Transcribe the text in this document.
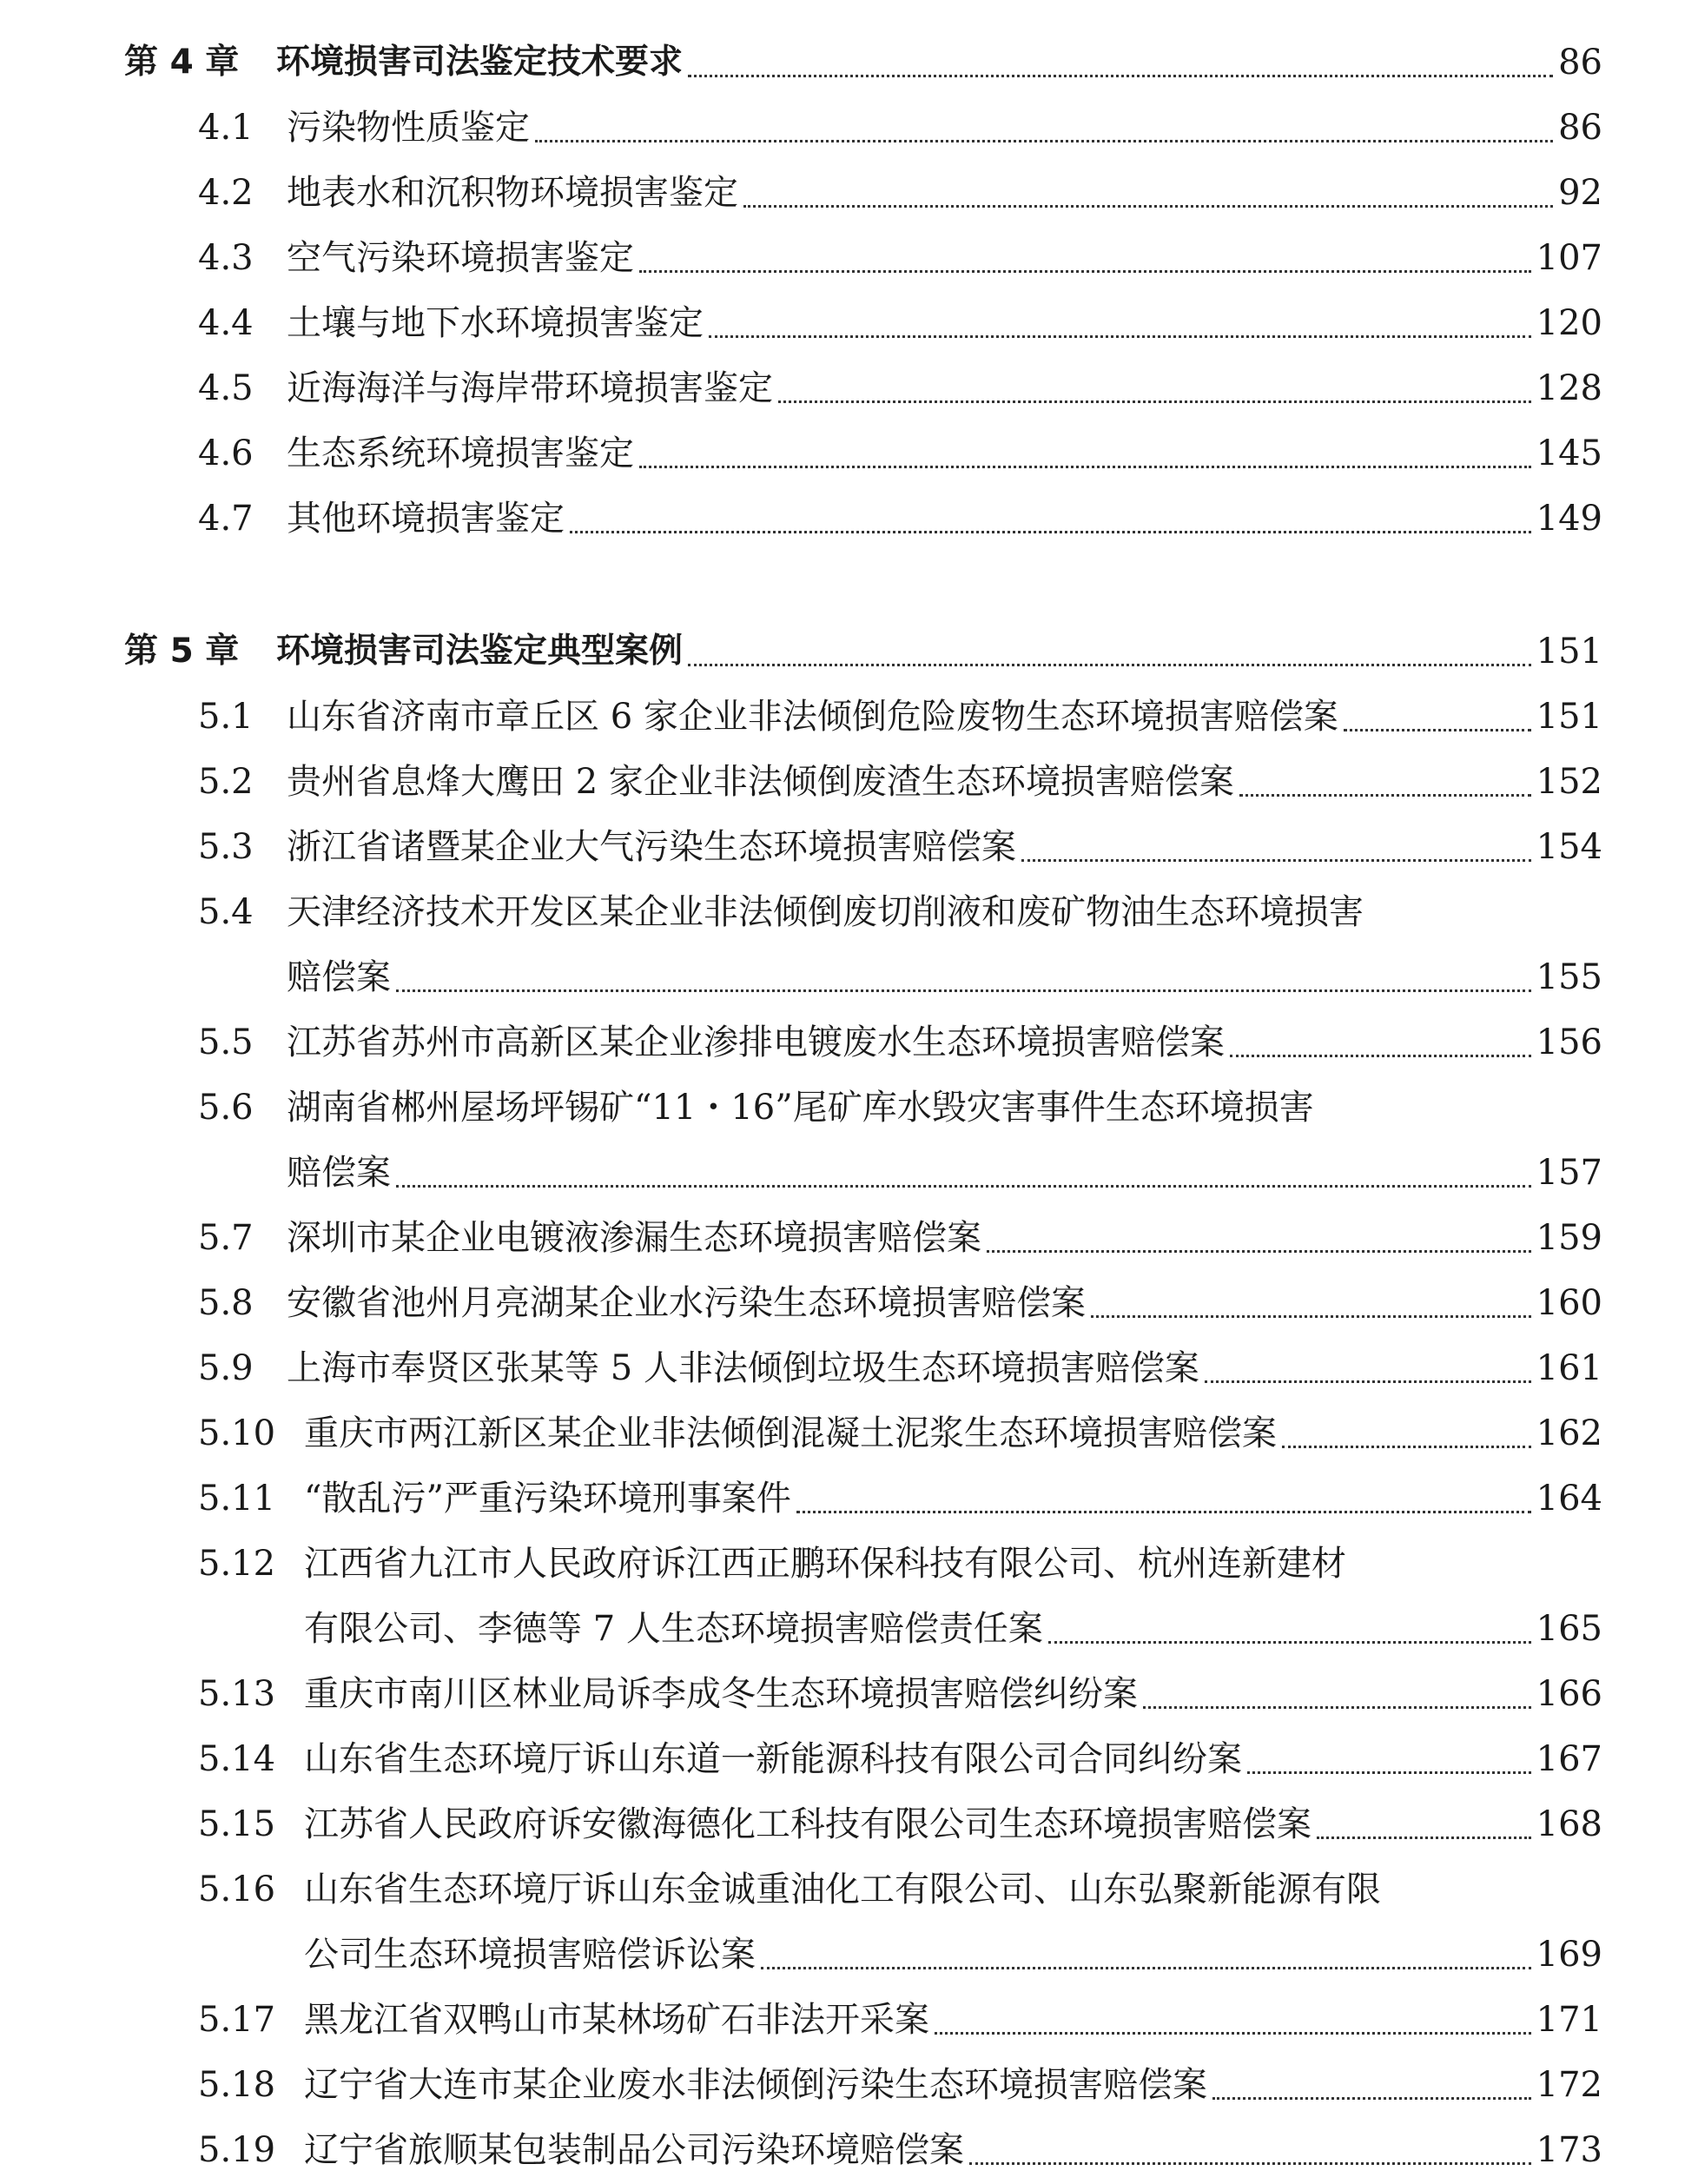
第 4 章	环境损害司法鉴定技术要求	86
4.1 污染物性质鉴定	86
4.2 地表水和沉积物环境损害鉴定	92
4.3 空气污染环境损害鉴定	107
4.4 土壤与地下水环境损害鉴定	120
4.5 近海海洋与海岸带环境损害鉴定	128
4.6 生态系统环境损害鉴定	145
4.7 其他环境损害鉴定	149
第 5 章	环境损害司法鉴定典型案例	151
5.1 山东省济南市章丘区 6 家企业非法倾倒危险废物生态环境损害赔偿案	151
5.2 贵州省息烽大鹰田 2 家企业非法倾倒废渣生态环境损害赔偿案	152
5.3 浙江省诸暨某企业大气污染生态环境损害赔偿案	154
5.4 天津经济技术开发区某企业非法倾倒废切削液和废矿物油生态环境损害
赔偿案	155
5.5 江苏省苏州市高新区某企业渗排电镀废水生态环境损害赔偿案	156
5.6 湖南省郴州屋场坪锡矿“11・16”尾矿库水毁灾害事件生态环境损害
赔偿案	157
5.7 深圳市某企业电镀液渗漏生态环境损害赔偿案	159
5.8 安徽省池州月亮湖某企业水污染生态环境损害赔偿案	160
5.9 上海市奉贤区张某等 5 人非法倾倒垃圾生态环境损害赔偿案	161
5.10 重庆市两江新区某企业非法倾倒混凝土泥浆生态环境损害赔偿案	162
5.11 “散乱污”严重污染环境刑事案件	164
5.12 江西省九江市人民政府诉江西正鹏环保科技有限公司、杭州连新建材
有限公司、李德等 7 人生态环境损害赔偿责任案	165
5.13 重庆市南川区林业局诉李成冬生态环境损害赔偿纠纷案	166
5.14 山东省生态环境厅诉山东道一新能源科技有限公司合同纠纷案	167
5.15 江苏省人民政府诉安徽海德化工科技有限公司生态环境损害赔偿案	168
5.16 山东省生态环境厅诉山东金诚重油化工有限公司、山东弘聚新能源有限
公司生态环境损害赔偿诉讼案	169
5.17 黑龙江省双鸭山市某林场矿石非法开采案	171
5.18 辽宁省大连市某企业废水非法倾倒污染生态环境损害赔偿案	172
5.19 辽宁省旅顺某包装制品公司污染环境赔偿案	173
